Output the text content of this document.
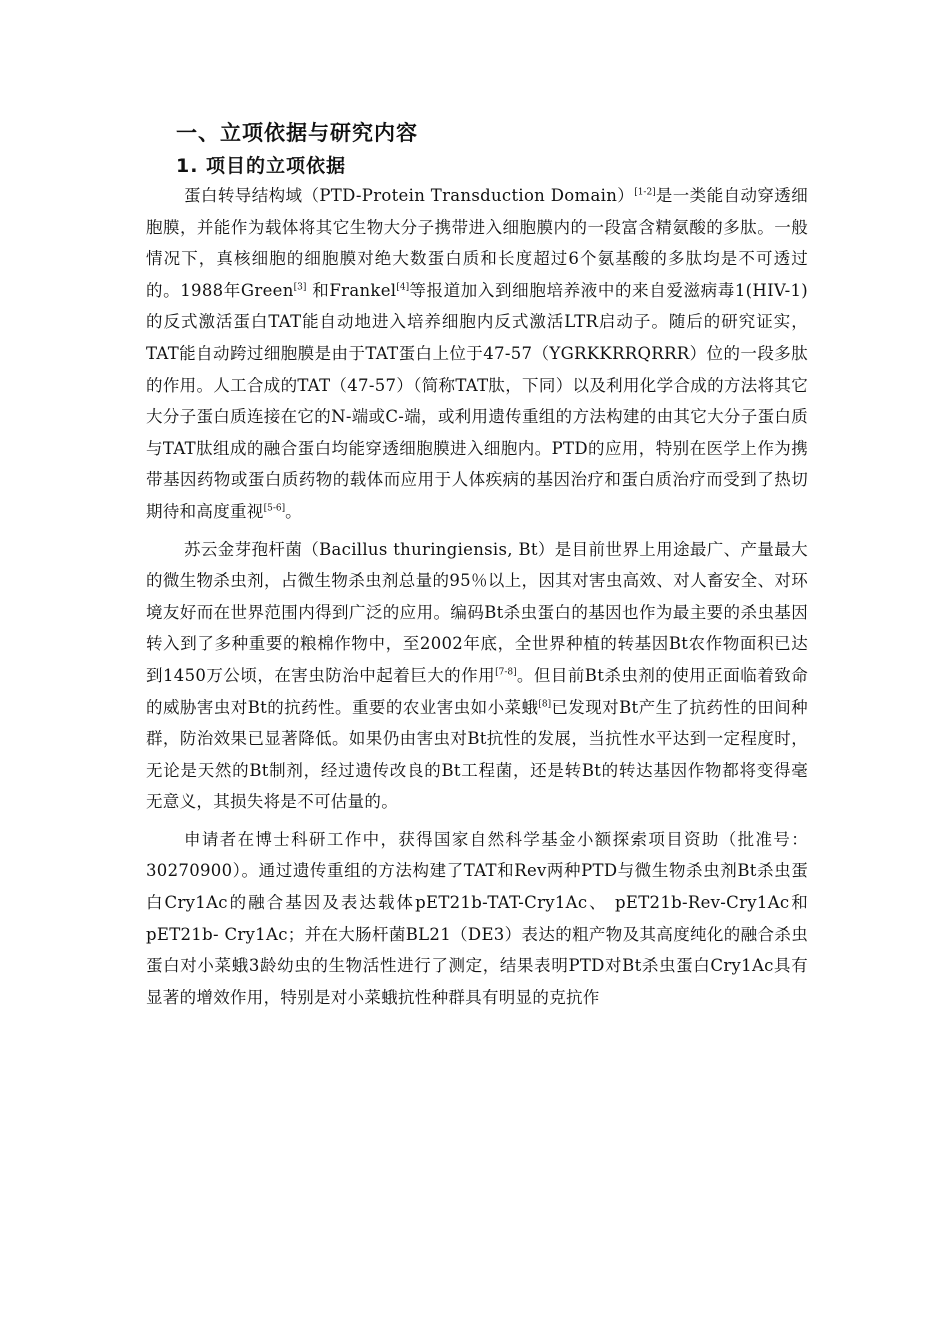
一、立项依据与研究内容
1. 项目的立项依据

蛋白转导结构域（PTD-Protein Transduction Domain）[1-2]是一类能自动穿透细胞膜，并能作为载体将其它生物大分子携带进入细胞膜内的一段富含精氨酸的多肽。一般情况下，真核细胞的细胞膜对绝大数蛋白质和长度超过6个氨基酸的多肽均是不可透过的。1988年Green[3] 和Frankel[4]等报道加入到细胞培养液中的来自爱滋病毒1(HIV-1)的反式激活蛋白TAT能自动地进入培养细胞内反式激活LTR启动子。随后的研究证实，TAT能自动跨过细胞膜是由于TAT蛋白上位于47-57（YGRKKRRQRRR）位的一段多肽的作用。人工合成的TAT（47-57）（简称TAT肽，下同）以及利用化学合成的方法将其它大分子蛋白质连接在它的N-端或C-端，或利用遗传重组的方法构建的由其它大分子蛋白质与TAT肽组成的融合蛋白均能穿透细胞膜进入细胞内。PTD的应用，特别在医学上作为携带基因药物或蛋白质药物的载体而应用于人体疾病的基因治疗和蛋白质治疗而受到了热切期待和高度重视[5-6]。

苏云金芽孢杆菌（Bacillus thuringiensis, Bt）是目前世界上用途最广、产量最大的微生物杀虫剂，占微生物杀虫剂总量的95％以上，因其对害虫高效、对人畜安全、对环境友好而在世界范围内得到广泛的应用。编码Bt杀虫蛋白的基因也作为最主要的杀虫基因转入到了多种重要的粮棉作物中，至2002年底，全世界种植的转基因Bt农作物面积已达到1450万公顷，在害虫防治中起着巨大的作用[7-8]。但目前Bt杀虫剂的使用正面临着致命的威胁害虫对Bt的抗药性。重要的农业害虫如小菜蛾[8]已发现对Bt产生了抗药性的田间种群，防治效果已显著降低。如果仍由害虫对Bt抗性的发展，当抗性水平达到一定程度时，无论是天然的Bt制剂，经过遗传改良的Bt工程菌，还是转Bt的转达基因作物都将变得毫无意义，其损失将是不可估量的。

申请者在博士科研工作中，获得国家自然科学基金小额探索项目资助（批准号：30270900）。通过遗传重组的方法构建了TAT和Rev两种PTD与微生物杀虫剂Bt杀虫蛋白Cry1Ac的融合基因及表达载体pET21b-TAT-Cry1Ac、 pET21b-Rev-Cry1Ac和 pET21b- Cry1Ac；并在大肠杆菌BL21（DE3）表达的粗产物及其高度纯化的融合杀虫蛋白对小菜蛾3龄幼虫的生物活性进行了测定，结果表明PTD对Bt杀虫蛋白Cry1Ac具有显著的增效作用，特别是对小菜蛾抗性种群具有明显的克抗作
